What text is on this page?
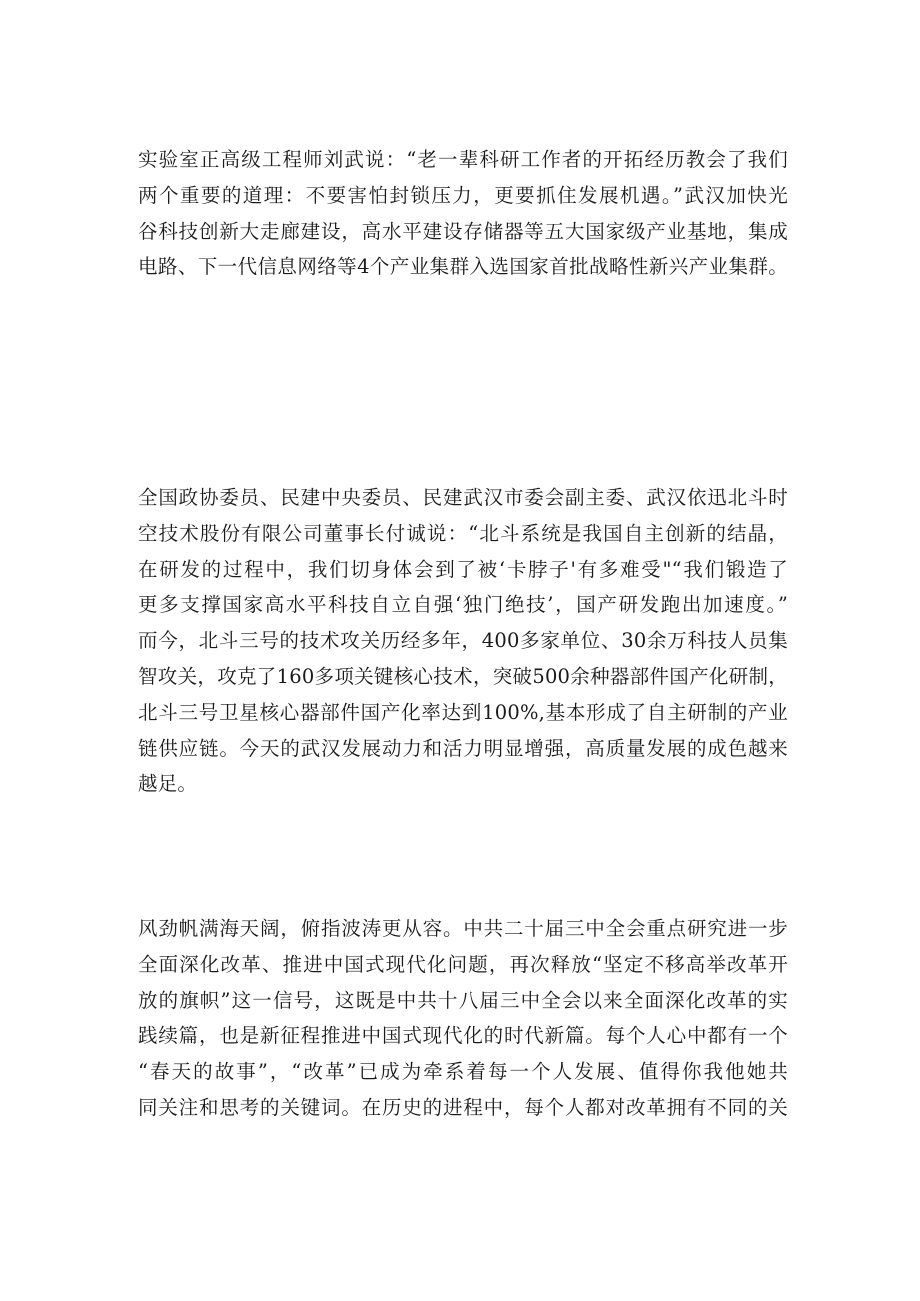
实验室正高级工程师刘武说：“老一辈科研工作者的开拓经历教会了我们
两个重要的道理：不要害怕封锁压力，更要抓住发展机遇。”武汉加快光
谷科技创新大走廊建设，高水平建设存储器等五大国家级产业基地，集成
电路、下一代信息网络等4个产业集群入选国家首批战略性新兴产业集群。
全国政协委员、民建中央委员、民建武汉市委会副主委、武汉依迅北斗时
空技术股份有限公司董事长付诚说：“北斗系统是我国自主创新的结晶，
在研发的过程中，我们切身体会到了被‘卡脖子'有多难受"“我们锻造了
更多支撑国家高水平科技自立自强‘独门绝技’，国产研发跑出加速度。”
而今，北斗三号的技术攻关历经多年，400多家单位、30余万科技人员集
智攻关，攻克了160多项关键核心技术，突破500余种器部件国产化研制，
北斗三号卫星核心器部件国产化率达到100%,基本形成了自主研制的产业
链供应链。今天的武汉发展动力和活力明显增强，高质量发展的成色越来
越足。
风劲帆满海天阔，俯指波涛更从容。中共二十届三中全会重点研究进一步
全面深化改革、推进中国式现代化问题，再次释放“坚定不移高举改革开
放的旗帜”这一信号，这既是中共十八届三中全会以来全面深化改革的实
践续篇，也是新征程推进中国式现代化的时代新篇。每个人心中都有一个
“春天的故事”，“改革”已成为牵系着每一个人发展、值得你我他她共
同关注和思考的关键词。在历史的进程中，每个人都对改革拥有不同的关
